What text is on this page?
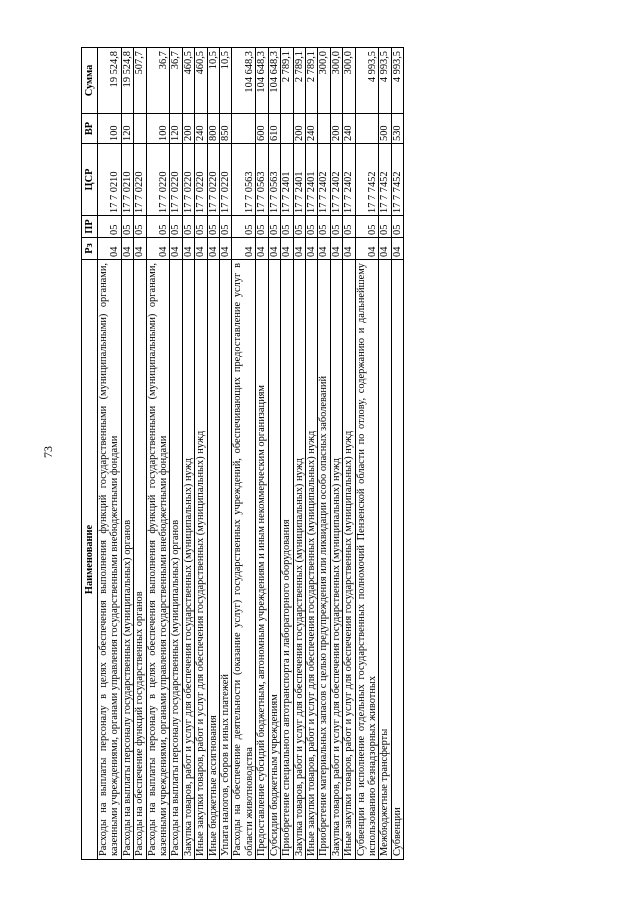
73
Наименование	Рз	ПР	ЦСР	ВР	Сумма
Расходы на выплаты персоналу в целях обеспечения выполнения функций государственными (муниципальными) органами, казенными учреждениями, органами управления государственными внебюджетными фондами	04	05	17 7 0210	100	19 524,8
Расходы на выплаты персоналу государственных (муниципальных) органов	04	05	17 7 0210	120	19 524,8
Расходы на обеспечение функций государственных органов	04	05	17 7 0220		507,7
Расходы на выплаты персоналу в целях обеспечения выполнения функций государственными (муниципальными) органами, казенными учреждениями, органами управления государственными внебюджетными фондами	04	05	17 7 0220	100	36,7
Расходы на выплаты персоналу государственных (муниципальных) органов	04	05	17 7 0220	120	36,7
Закупка товаров, работ и услуг для обеспечения государственных (муниципальных) нужд	04	05	17 7 0220	200	460,5
Иные закупки товаров, работ и услуг для обеспечения государственных (муниципальных) нужд	04	05	17 7 0220	240	460,5
Иные бюджетные ассигнования	04	05	17 7 0220	800	10,5
Уплата налогов, сборов и иных платежей	04	05	17 7 0220	850	10,5
Расходы на обеспечение деятельности (оказание услуг) государственных учреждений, обеспечивающих предоставление услуг в области животноводства	04	05	17 7 0563		104 648,3
Предоставление субсидий бюджетным, автономным учреждениям и иным некоммерческим организациям	04	05	17 7 0563	600	104 648,3
Субсидии бюджетным учреждениям	04	05	17 7 0563	610	104 648,3
Приобретение специального автотранспорта и лабораторного оборудования	04	05	17 7 2401		2 789,1
Закупка товаров, работ и услуг для обеспечения государственных (муниципальных) нужд	04	05	17 7 2401	200	2 789,1
Иные закупки товаров, работ и услуг для обеспечения государственных (муниципальных) нужд	04	05	17 7 2401	240	2 789,1
Приобретение материальных запасов с целью предупреждения или ликвидации особо опасных заболеваний	04	05	17 7 2402		300,0
Закупка товаров, работ и услуг для обеспечения государственных (муниципальных) нужд	04	05	17 7 2402	200	300,0
Иные закупки товаров, работ и услуг для обеспечения государственных (муниципальных) нужд	04	05	17 7 2402	240	300,0
Субвенции на исполнение отдельных государственных полномочий Пензенской области по отлову, содержанию и дальнейшему использованию безнадзорных животных	04	05	17 7 7452		4 993,5
Межбюджетные трансферты	04	05	17 7 7452	500	4 993,5
Субвенции	04	05	17 7 7452	530	4 993,5
